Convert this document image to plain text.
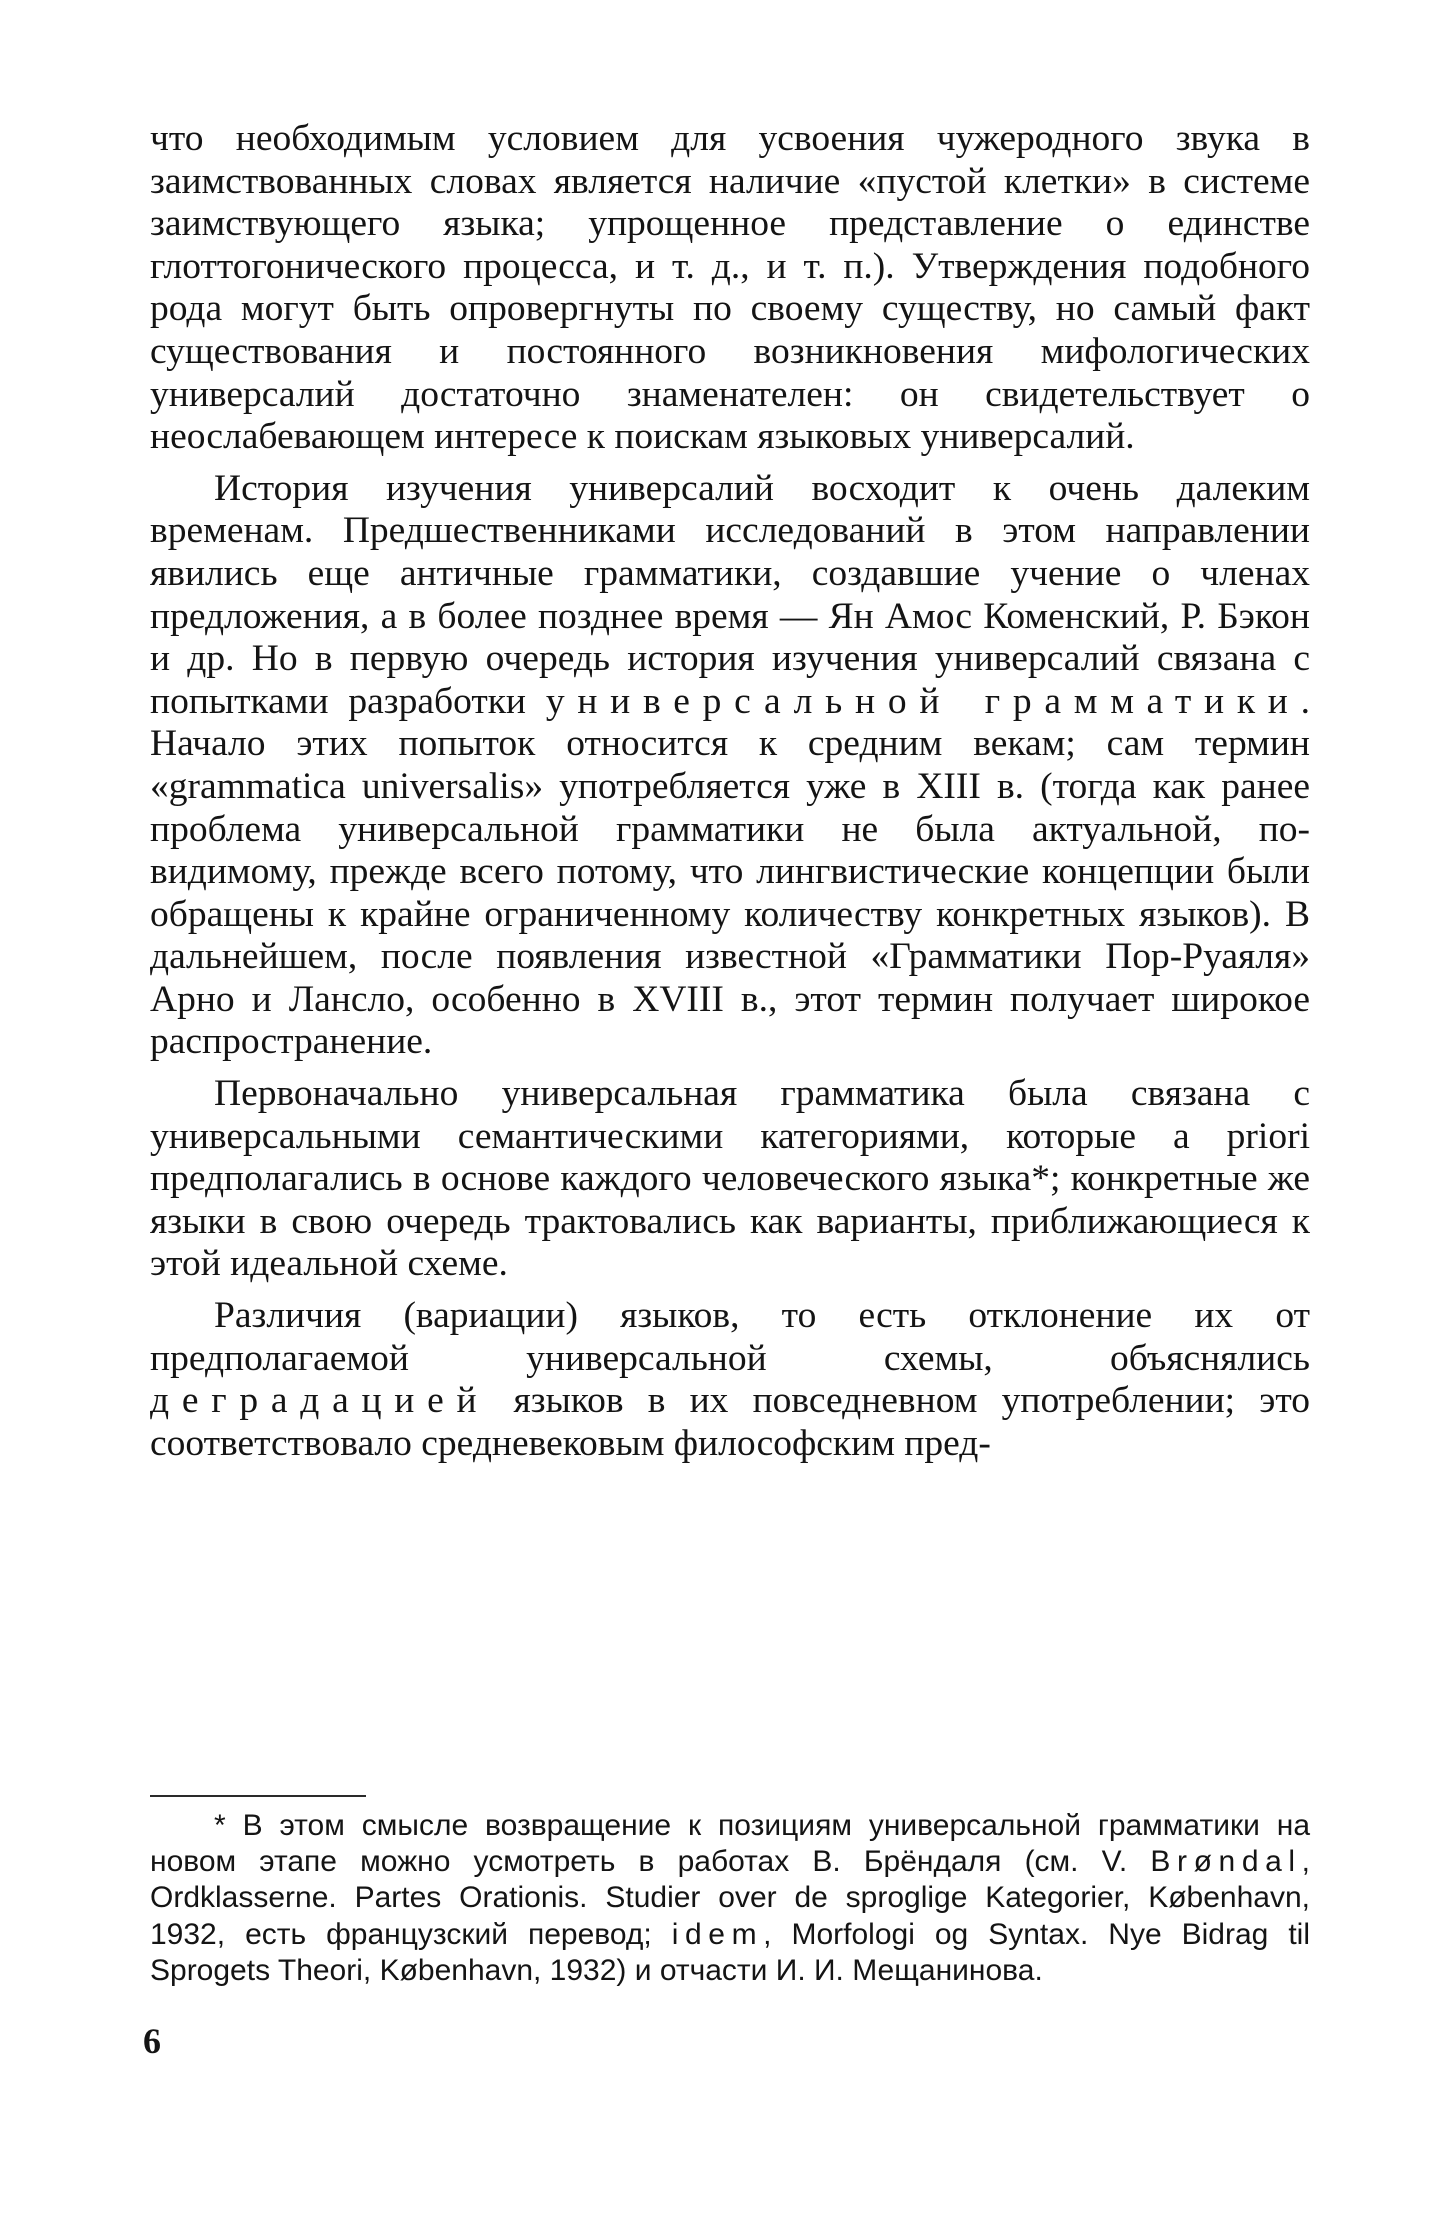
что необходимым условием для усвоения чужеродного звука в заимствованных словах является наличие «пустой клетки» в системе заимствующего языка; упрощенное представление о единстве глоттогонического процесса, и т. д., и т. п.). Утверждения подобного рода могут быть опровергнуты по своему существу, но самый факт существования и постоянного возникновения мифологических универсалий достаточно знаменателен: он свидетельствует о неослабевающем интересе к поискам языковых универсалий.

История изучения универсалий восходит к очень далеким временам. Предшественниками исследований в этом направлении явились еще античные грамматики, создавшие учение о членах предложения, а в более позднее время — Ян Амос Коменский, Р. Бэкон и др. Но в первую очередь история изучения универсалий связана с попытками разработки универсальной грамматики. Начало этих попыток относится к средним векам; сам термин «grammatica universalis» употребляется уже в XIII в. (тогда как ранее проблема универсальной грамматики не была актуальной, по-видимому, прежде всего потому, что лингвистические концепции были обращены к крайне ограниченному количеству конкретных языков). В дальнейшем, после появления известной «Грамматики Пор-Руаяля» Арно и Лансло, особенно в XVIII в., этот термин получает широкое распространение.

Первоначально универсальная грамматика была связана с универсальными семантическими категориями, которые a priori предполагались в основе каждого человеческого языка*; конкретные же языки в свою очередь трактовались как варианты, приближающиеся к этой идеальной схеме.

Различия (вариации) языков, то есть отклонение их от предполагаемой универсальной схемы, объяснялись деградацией языков в их повседневном употреблении; это соответствовало средневековым философским пред-

* В этом смысле возвращение к позициям универсальной грамматики на новом этапе можно усмотреть в работах В. Брёндаля (см. V. Brøndal, Ordklasserne. Partes Orationis. Studier over de sproglige Kategorier, København, 1932, есть французский перевод; idem, Morfologi og Syntax. Nye Bidrag til Sprogets Theori, København, 1932) и отчасти И. И. Мещанинова.

6
